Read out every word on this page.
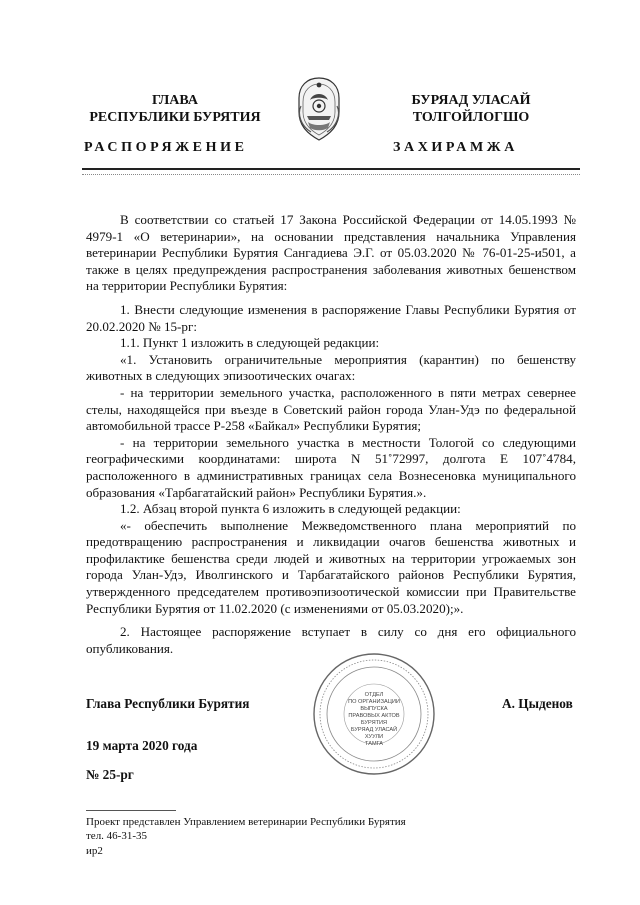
ГЛАВА
РЕСПУБЛИКИ БУРЯТИЯ
РАСПОРЯЖЕНИЕ
БУРЯАД УЛАСАЙ
ТОЛГОЙЛОГШО
ЗАХИРАМЖА

В соответствии со статьей 17 Закона Российской Федерации от 14.05.1993 № 4979-1 «О ветеринарии», на основании представления начальника Управления ветеринарии Республики Бурятия Сангадиева Э.Г. от 05.03.2020 № 76-01-25-и501, а также в целях предупреждения распространения заболевания животных бешенством на территории Республики Бурятия:

1. Внести следующие изменения в распоряжение Главы Республики Бурятия от 20.02.2020 № 15-рг:

1.1. Пункт 1 изложить в следующей редакции:

«1. Установить ограничительные мероприятия (карантин) по бешенству животных в следующих эпизоотических очагах:

- на территории земельного участка, расположенного в пяти метрах севернее стелы, находящейся при въезде в Советский район города Улан-Удэ по федеральной автомобильной трассе Р-258 «Байкал» Республики Бурятия;

- на территории земельного участка в местности Тологой со следующими географическими координатами: широта N 51˚72997, долгота E 107˚4784, расположенного в административных границах села Вознесеновка муниципального образования «Тарбагатайский район» Республики Бурятия.».

1.2. Абзац второй пункта 6 изложить в следующей редакции:

«- обеспечить выполнение Межведомственного плана мероприятий по предотвращению распространения и ликвидации очагов бешенства животных и профилактике бешенства среди людей и животных на территории угрожаемых зон города Улан-Удэ, Иволгинского и Тарбагатайского районов Республики Бурятия, утвержденного председателем противоэпизоотической комиссии при Правительстве Республики Бурятия от 11.02.2020 (с изменениями от 05.03.2020);».

2. Настоящее распоряжение вступает в силу со дня его официального опубликования.

ОТДЕЛ
ПО ОРГАНИЗАЦИИ
ВЫПУСКА
ПРАВОВЫХ АКТОВ
БУРЯТИЯ
БУРЯАД УЛАСАЙ
ХУУЛИ
ТАМГА
Глава Республики Бурятия	А. Цыденов
19 марта 2020 года
№ 25-рг
Проект представлен Управлением ветеринарии Республики Бурятия
тел. 46-31-35
ир2
